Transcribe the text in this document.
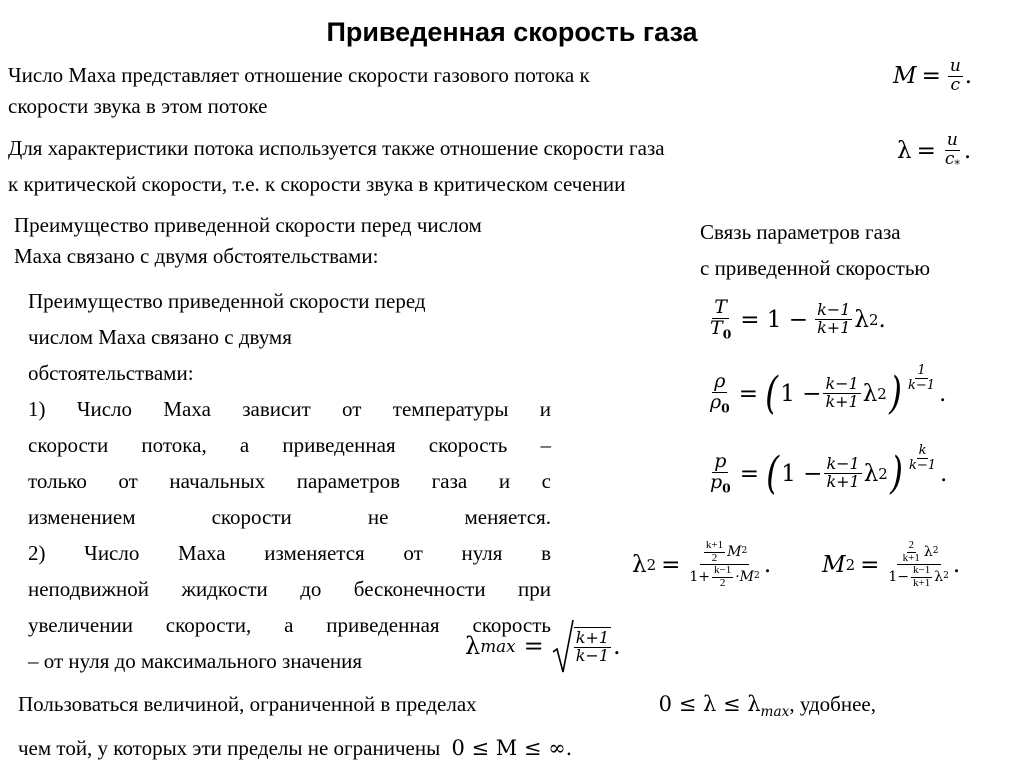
Приведенная скорость газа
Число Маха представляет отношение скорости газового потока к
скорости звука в этом потоке
$M = \frac{u}{c}$ .
Для характеристики потока используется также отношение скорости газа
к критической скорости, т.е. к скорости звука в критическом сечении
$\lambda = \frac{u}{c_*}$ .
Преимущество приведенной скорости перед числом
Маха связано с двумя обстоятельствами:
Связь параметров газа
с приведенной скоростью
Преимущество приведенной скорости перед
числом Маха связано с двумя
обстоятельствами:
1) Число Маха зависит от температуры и
скорости потока, а приведенная скорость –
только от начальных параметров газа и с
изменением скорости не меняется.
2) Число Маха изменяется от нуля в
неподвижной жидкости до бесконечности при
увеличении скорости, а приведенная скорость
– от нуля до максимального значения
$\frac{T}{T_0} = 1 - \frac{k-1}{k+1}$ λ 2 .
$\frac{\rho}{\rho_0}$ = ( $1 - \frac{k-1}{k+1}$ λ 2 ) $\frac{1}{k-1}$
.
$\frac{p}{p_0}$ = ( $1 - \frac{k-1}{k+1}$ λ 2 ) $\frac{k}{k-1}$
.
λ $2 = \frac{\frac{k+1}{2} M 2}{1+ \frac{k-1}{2} \cdot M 2}$ . M $2 = \frac{\frac{2}{k+1} \lambda 2}{1- \frac{k-1}{k+1} \lambda 2}$ .
λ $\max = \frac{k+1}{k-1}$ .
Пользоваться величиной, ограниченной в пределах	$0 \le \lambda \le \lambda_{max}$, удобнее,
чем той, у которых эти пределы не ограничены 0 ≤ M ≤ ∞.
